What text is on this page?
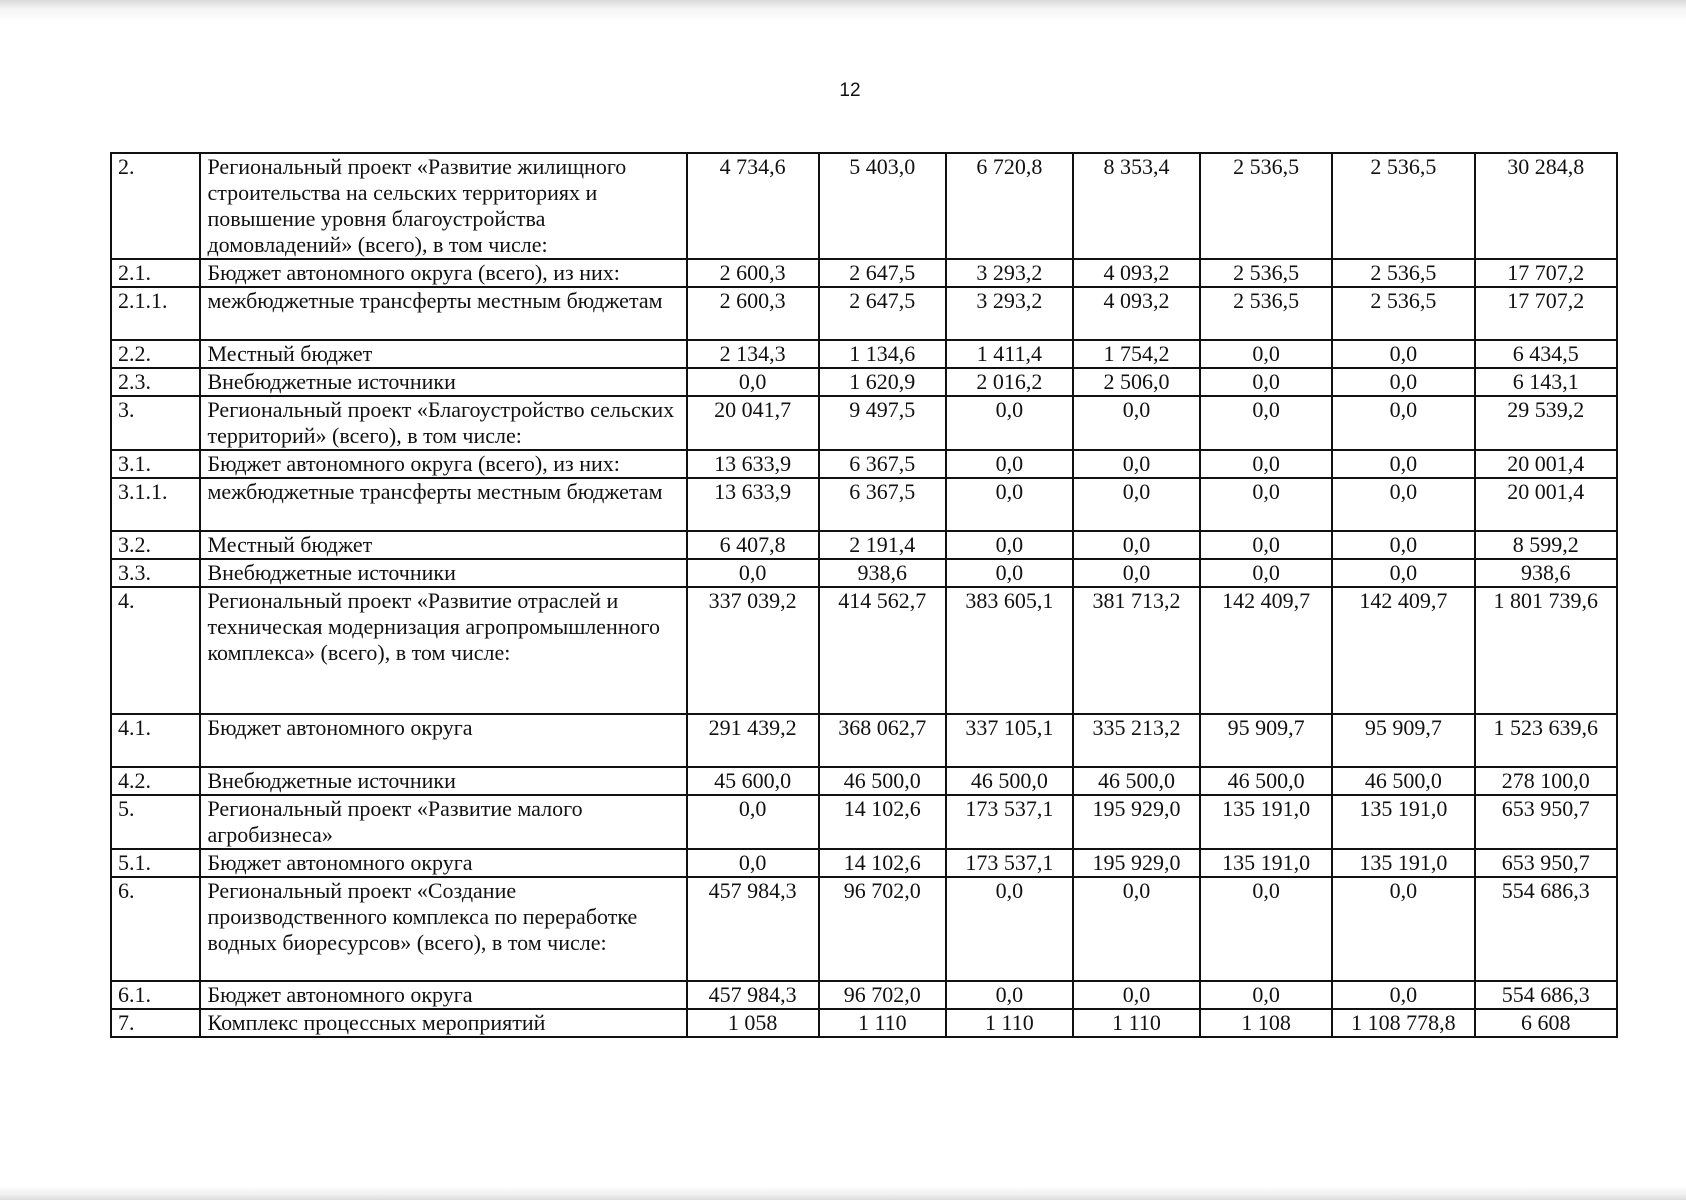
12
2.	Региональный проект «Развитие жилищного строительства на сельских территориях и повышение уровня благоустройства домовладений» (всего), в том числе:	4 734,6	5 403,0	6 720,8	8 353,4	2 536,5	2 536,5	30 284,8
2.1.	Бюджет автономного округа (всего), из них:	2 600,3	2 647,5	3 293,2	4 093,2	2 536,5	2 536,5	17 707,2
2.1.1.	межбюджетные трансферты местным бюджетам	2 600,3	2 647,5	3 293,2	4 093,2	2 536,5	2 536,5	17 707,2
2.2.	Местный бюджет	2 134,3	1 134,6	1 411,4	1 754,2	0,0	0,0	6 434,5
2.3.	Внебюджетные источники	0,0	1 620,9	2 016,2	2 506,0	0,0	0,0	6 143,1
3.	Региональный проект «Благоустройство сельских территорий» (всего), в том числе:	20 041,7	9 497,5	0,0	0,0	0,0	0,0	29 539,2
3.1.	Бюджет автономного округа (всего), из них:	13 633,9	6 367,5	0,0	0,0	0,0	0,0	20 001,4
3.1.1.	межбюджетные трансферты местным бюджетам	13 633,9	6 367,5	0,0	0,0	0,0	0,0	20 001,4
3.2.	Местный бюджет	6 407,8	2 191,4	0,0	0,0	0,0	0,0	8 599,2
3.3.	Внебюджетные источники	0,0	938,6	0,0	0,0	0,0	0,0	938,6
4.	Региональный проект «Развитие отраслей и техническая модернизация агропромышленного комплекса» (всего), в том числе:	337 039,2	414 562,7	383 605,1	381 713,2	142 409,7	142 409,7	1 801 739,6
4.1.	Бюджет автономного округа	291 439,2	368 062,7	337 105,1	335 213,2	95 909,7	95 909,7	1 523 639,6
4.2.	Внебюджетные источники	45 600,0	46 500,0	46 500,0	46 500,0	46 500,0	46 500,0	278 100,0
5.	Региональный проект «Развитие малого агробизнеса»	0,0	14 102,6	173 537,1	195 929,0	135 191,0	135 191,0	653 950,7
5.1.	Бюджет автономного округа	0,0	14 102,6	173 537,1	195 929,0	135 191,0	135 191,0	653 950,7
6.	Региональный проект «Создание производственного комплекса по переработке водных биоресурсов» (всего), в том числе:	457 984,3	96 702,0	0,0	0,0	0,0	0,0	554 686,3
6.1.	Бюджет автономного округа	457 984,3	96 702,0	0,0	0,0	0,0	0,0	554 686,3
7.	Комплекс процессных мероприятий	1 058	1 110	1 110	1 110	1 108	1 108 778,8	6 608
